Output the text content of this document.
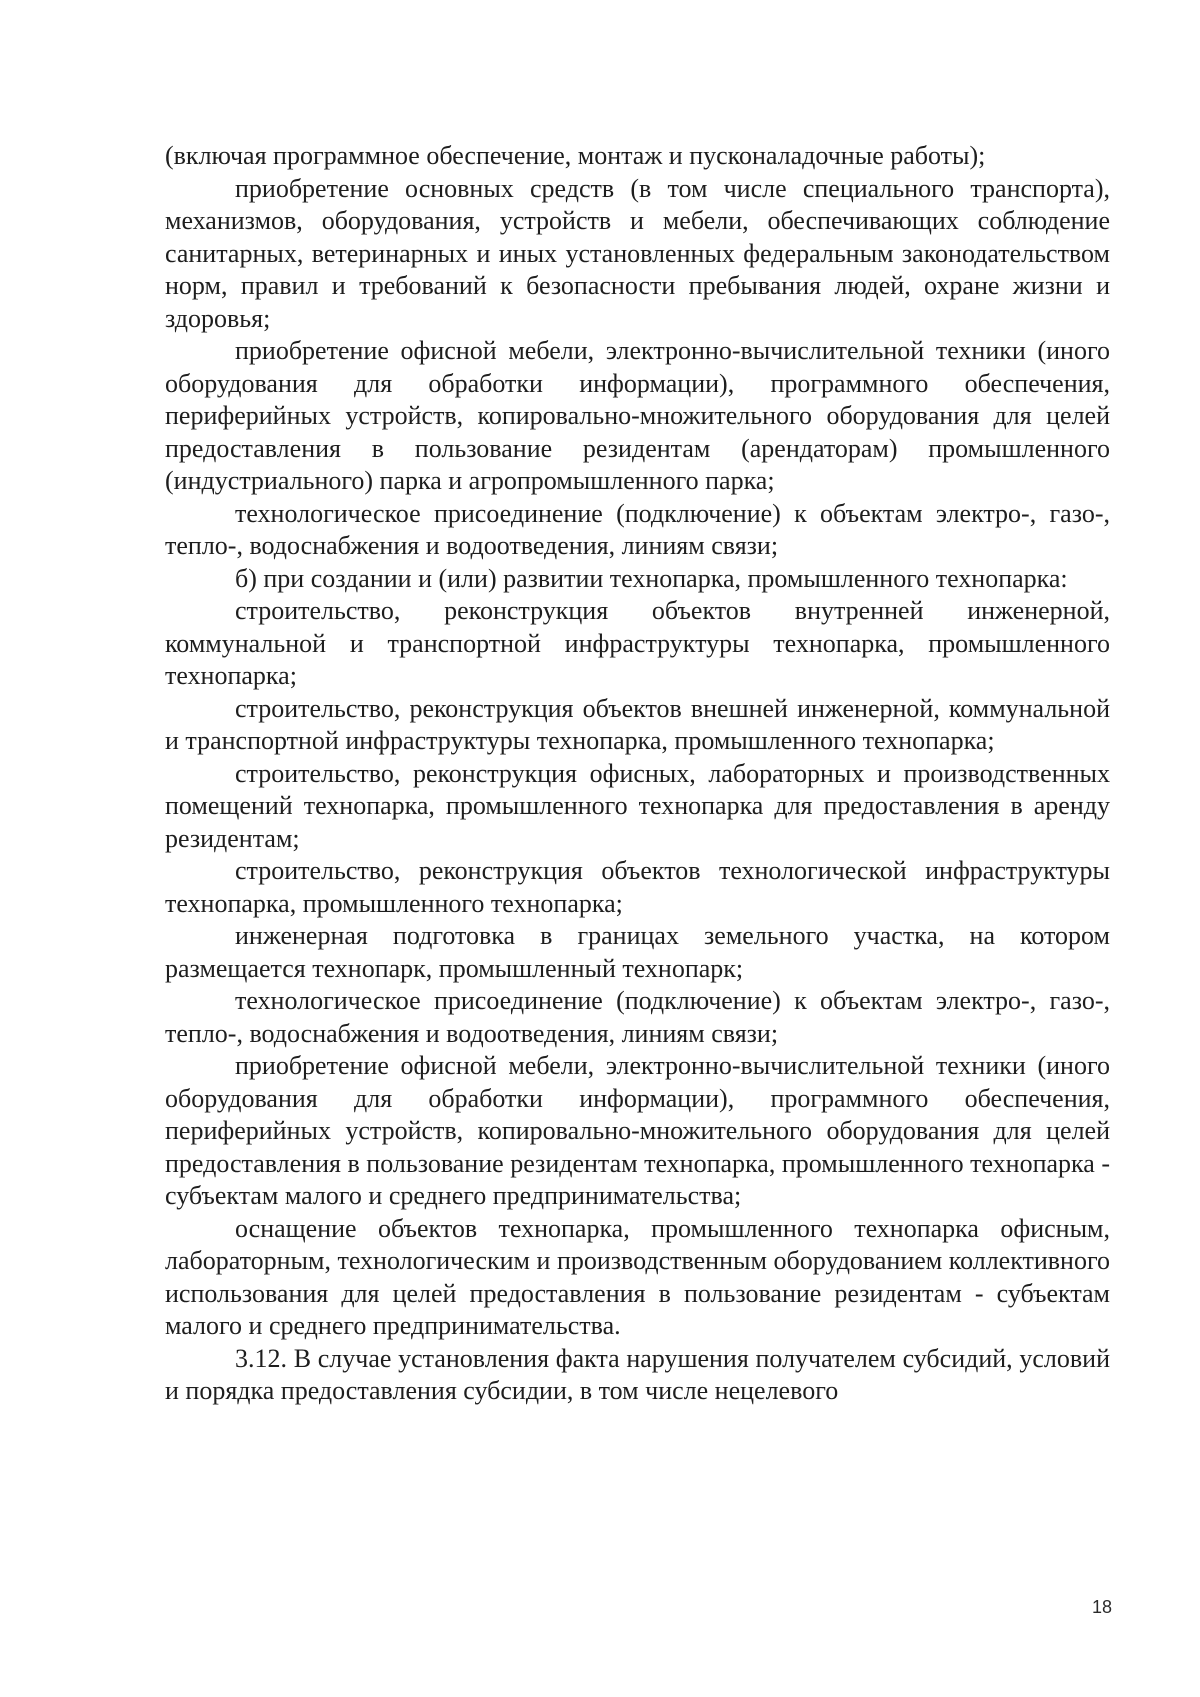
(включая программное обеспечение, монтаж и пусконаладочные работы);

приобретение основных средств (в том числе специального транспорта), механизмов, оборудования, устройств и мебели, обеспечивающих соблюдение санитарных, ветеринарных и иных установленных федеральным законодательством норм, правил и требований к безопасности пребывания людей, охране жизни и здоровья;

приобретение офисной мебели, электронно-вычислительной техники (иного оборудования для обработки информации), программного обеспечения, периферийных устройств, копировально-множительного оборудования для целей предоставления в пользование резидентам (арендаторам) промышленного (индустриального) парка и агропромышленного парка;

технологическое присоединение (подключение) к объектам электро-, газо-, тепло-, водоснабжения и водоотведения, линиям связи;

б) при создании и (или) развитии технопарка, промышленного технопарка:

строительство, реконструкция объектов внутренней инженерной, коммунальной и транспортной инфраструктуры технопарка, промышленного технопарка;

строительство, реконструкция объектов внешней инженерной, коммунальной и транспортной инфраструктуры технопарка, промышленного технопарка;

строительство, реконструкция офисных, лабораторных и производственных помещений технопарка, промышленного технопарка для предоставления в аренду резидентам;

строительство, реконструкция объектов технологической инфраструктуры технопарка, промышленного технопарка;

инженерная подготовка в границах земельного участка, на котором размещается технопарк, промышленный технопарк;

технологическое присоединение (подключение) к объектам электро-, газо-, тепло-, водоснабжения и водоотведения, линиям связи;

приобретение офисной мебели, электронно-вычислительной техники (иного оборудования для обработки информации), программного обеспечения, периферийных устройств, копировально-множительного оборудования для целей предоставления в пользование резидентам технопарка, промышленного технопарка - субъектам малого и среднего предпринимательства;

оснащение объектов технопарка, промышленного технопарка офисным, лабораторным, технологическим и производственным оборудованием коллективного использования для целей предоставления в пользование резидентам - субъектам малого и среднего предпринимательства.

3.12. В случае установления факта нарушения получателем субсидий, условий и порядка предоставления субсидии, в том числе нецелевого

18
